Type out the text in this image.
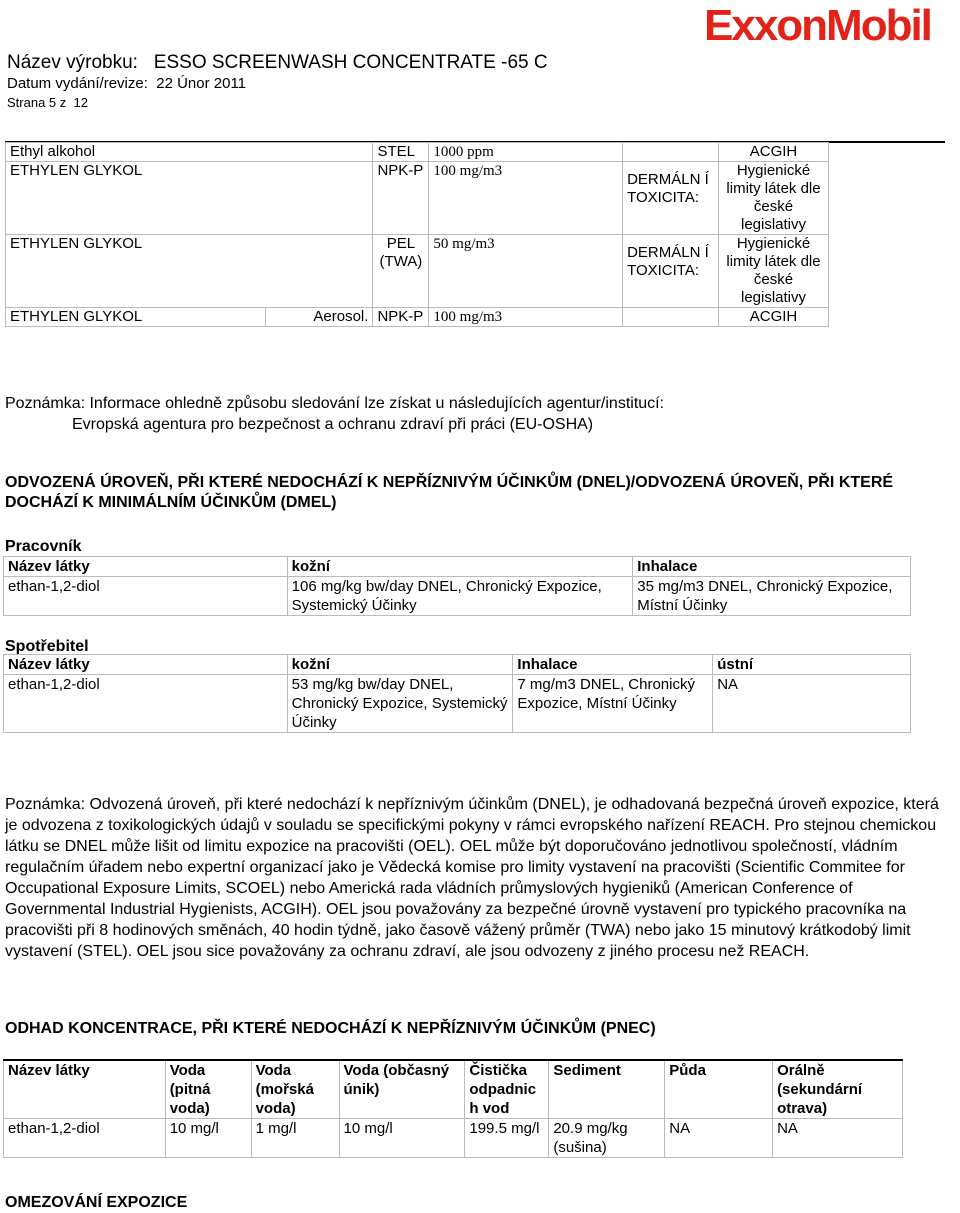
Název výrobku: ESSO SCREENWASH CONCENTRATE -65 C
Datum vydání/revize: 22 Únor 2011
Strana 5 z  12
ExxonMobil
Ethyl alkohol		STEL	1000 ppm		ACGIH
ETHYLEN GLYKOL		NPK-P	100 mg/m3	DERMÁLN Í TOXICITA:	Hygienické limity látek dle české legislativy
ETHYLEN GLYKOL		PEL (TWA)	50 mg/m3	DERMÁLN Í TOXICITA:	Hygienické limity látek dle české legislativy
ETHYLEN GLYKOL	Aerosol.	NPK-P	100 mg/m3		ACGIH
Poznámka: Informace ohledně způsobu sledování lze získat u následujících agentur/institucí:
Evropská agentura pro bezpečnost a ochranu zdraví při práci (EU-OSHA)
ODVOZENÁ ÚROVEŇ, PŘI KTERÉ NEDOCHÁZÍ K NEPŘÍZNIVÝM ÚČINKŮM (DNEL)/ODVOZENÁ ÚROVEŇ, PŘI KTERÉ DOCHÁZÍ K MINIMÁLNÍM ÚČINKŮM (DMEL)
Pracovník
Název látky	kožní	Inhalace
ethan-1,2-diol	106 mg/kg bw/day DNEL, Chronický Expozice, Systemický Účinky	35 mg/m3 DNEL, Chronický Expozice, Místní Účinky
Spotřebitel
Název látky	kožní	Inhalace	ústní
ethan-1,2-diol	53 mg/kg bw/day DNEL, Chronický Expozice, Systemický Účinky	7 mg/m3 DNEL, Chronický Expozice, Místní Účinky	NA
Poznámka: Odvozená úroveň, při které nedochází k nepříznivým účinkům (DNEL), je odhadovaná bezpečná úroveň expozice, která je odvozena z toxikologických údajů v souladu se specifickými pokyny v rámci evropského nařízení REACH. Pro stejnou chemickou látku se DNEL může lišit od limitu expozice na pracovišti (OEL). OEL může být doporučováno jednotlivou společností, vládním regulačním úřadem nebo expertní organizací jako je Vědecká komise pro limity vystavení na pracovišti (Scientific Commitee for Occupational Exposure Limits, SCOEL) nebo Americká rada vládních průmyslových hygieniků (American Conference of Governmental Industrial Hygienists, ACGIH). OEL jsou považovány za bezpečné úrovně vystavení pro typického pracovníka na pracovišti při 8 hodinových směnách, 40 hodin týdně, jako časově vážený průměr (TWA) nebo jako 15 minutový krátkodobý limit vystavení (STEL). OEL jsou sice považovány za ochranu zdraví, ale jsou odvozeny z jiného procesu než REACH.
ODHAD KONCENTRACE, PŘI KTERÉ NEDOCHÁZÍ K NEPŘÍZNIVÝM ÚČINKŮM (PNEC)
Název látky	Voda (pitná voda)	Voda (mořská voda)	Voda (občasný únik)	Čistička odpadnic h vod	Sediment	Půda	Orálně (sekundární otrava)
ethan-1,2-diol	10 mg/l	1 mg/l	10 mg/l	199.5 mg/l	20.9 mg/kg (sušina)	NA	NA
OMEZOVÁNÍ EXPOZICE
